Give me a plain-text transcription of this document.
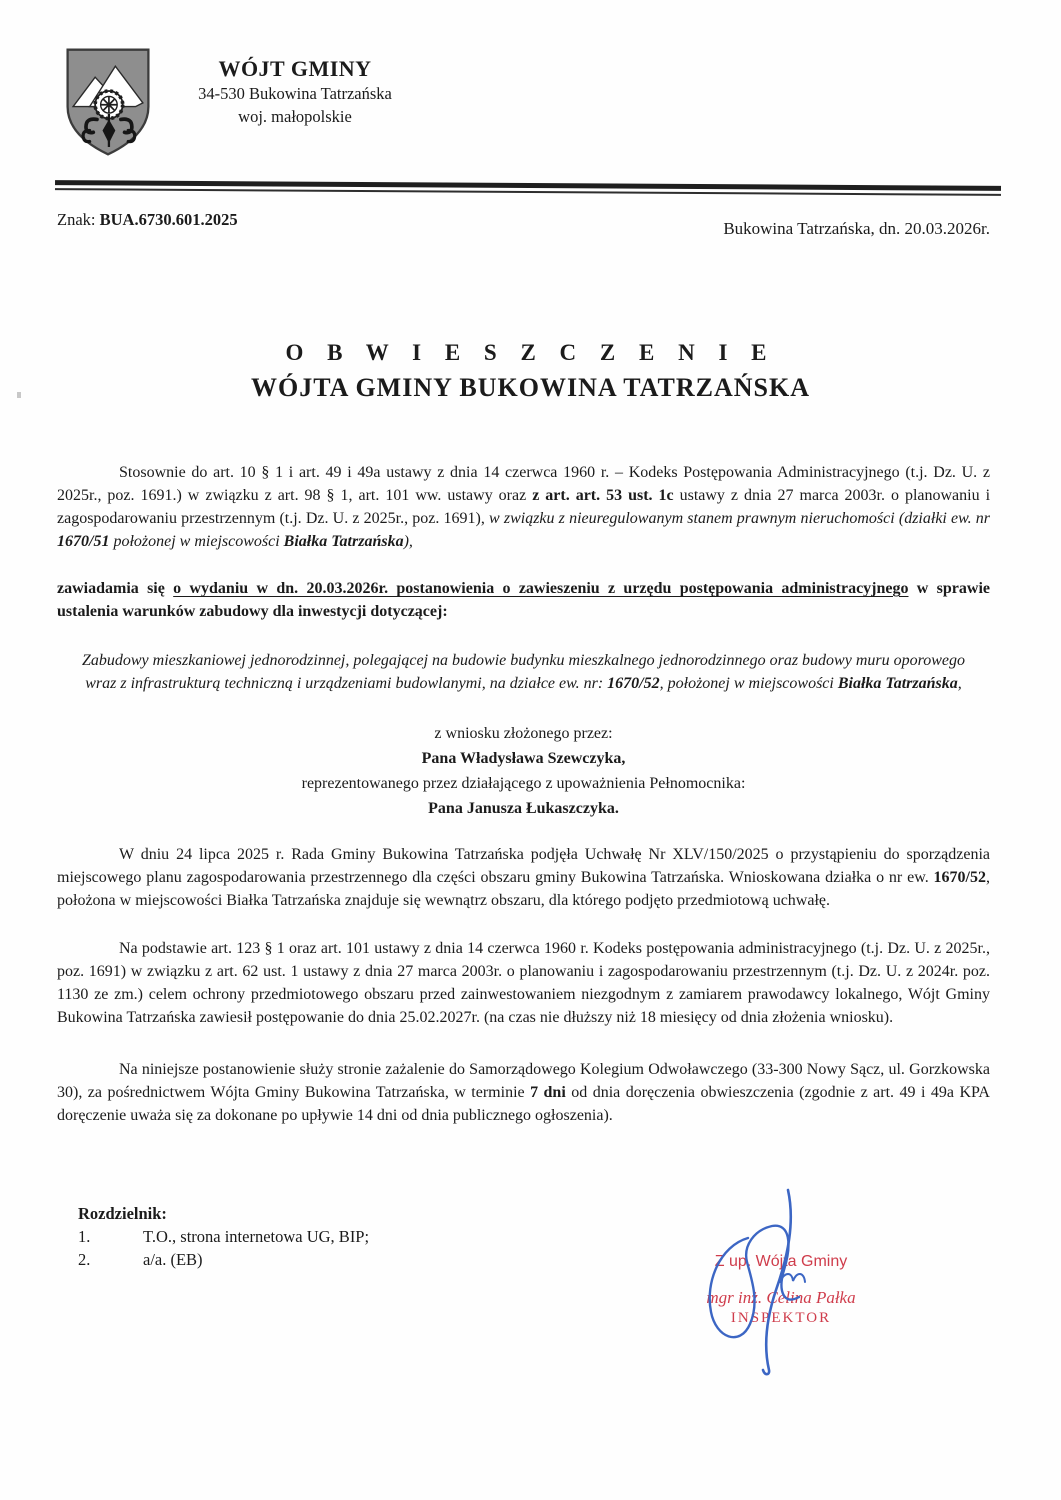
WÓJT GMINY
34-530 Bukowina Tatrzańska
woj. małopolskie
Znak: BUA.6730.601.2025	Bukowina Tatrzańska, dn. 20.03.2026r.
O B W I E S Z C Z E N I E
WÓJTA GMINY BUKOWINA TATRZAŃSKA

Stosownie do art. 10 § 1 i art. 49 i 49a ustawy z dnia 14 czerwca 1960 r. – Kodeks Postępowania Administracyjnego (t.j. Dz. U. z 2025r., poz. 1691.) w związku z art. 98 § 1, art. 101 ww. ustawy oraz z art. art. 53 ust. 1c ustawy z dnia 27 marca 2003r. o planowaniu i zagospodarowaniu przestrzennym (t.j. Dz. U. z 2025r., poz. 1691), w związku z nieuregulowanym stanem prawnym nieruchomości (działki ew. nr 1670/51 położonej w miejscowości Białka Tatrzańska),

zawiadamia się o wydaniu w dn. 20.03.2026r. postanowienia o zawieszeniu z urzędu postępowania administracyjnego w sprawie ustalenia warunków zabudowy dla inwestycji dotyczącej:

Zabudowy mieszkaniowej jednorodzinnej, polegającej na budowie budynku mieszkalnego jednorodzinnego oraz budowy muru oporowego wraz z infrastrukturą techniczną i urządzeniami budowlanymi, na działce ew. nr: 1670/52, położonej w miejscowości Białka Tatrzańska,

z wniosku złożonego przez:
Pana Władysława Szewczyka,
reprezentowanego przez działającego z upoważnienia Pełnomocnika:
Pana Janusza Łukaszczyka.

W dniu 24 lipca 2025 r. Rada Gminy Bukowina Tatrzańska podjęła Uchwałę Nr XLV/150/2025 o przystąpieniu do sporządzenia miejscowego planu zagospodarowania przestrzennego dla części obszaru gminy Bukowina Tatrzańska. Wnioskowana działka o nr ew. 1670/52, położona w miejscowości Białka Tatrzańska znajduje się wewnątrz obszaru, dla którego podjęto przedmiotową uchwałę.

Na podstawie art. 123 § 1 oraz art. 101 ustawy z dnia 14 czerwca 1960 r. Kodeks postępowania administracyjnego (t.j. Dz. U. z 2025r., poz. 1691) w związku z art. 62 ust. 1 ustawy z dnia 27 marca 2003r. o planowaniu i zagospodarowaniu przestrzennym (t.j. Dz. U. z 2024r. poz. 1130 ze zm.) celem ochrony przedmiotowego obszaru przed zainwestowaniem niezgodnym z zamiarem prawodawcy lokalnego, Wójt Gminy Bukowina Tatrzańska zawiesił postępowanie do dnia 25.02.2027r. (na czas nie dłuższy niż 18 miesięcy od dnia złożenia wniosku).

Na niniejsze postanowienie służy stronie zażalenie do Samorządowego Kolegium Odwoławczego (33-300 Nowy Sącz, ul. Gorzkowska 30), za pośrednictwem Wójta Gminy Bukowina Tatrzańska, w terminie 7 dni od dnia doręczenia obwieszczenia (zgodnie z art. 49 i 49a KPA doręczenie uważa się za dokonane po upływie 14 dni od dnia publicznego ogłoszenia).

Rozdzielnik:
1.	T.O., strona internetowa UG, BIP;
2.	a/a. (EB)	Z up. Wójta Gminy
mgr inż. Celina Pałka
INSPEKTOR
